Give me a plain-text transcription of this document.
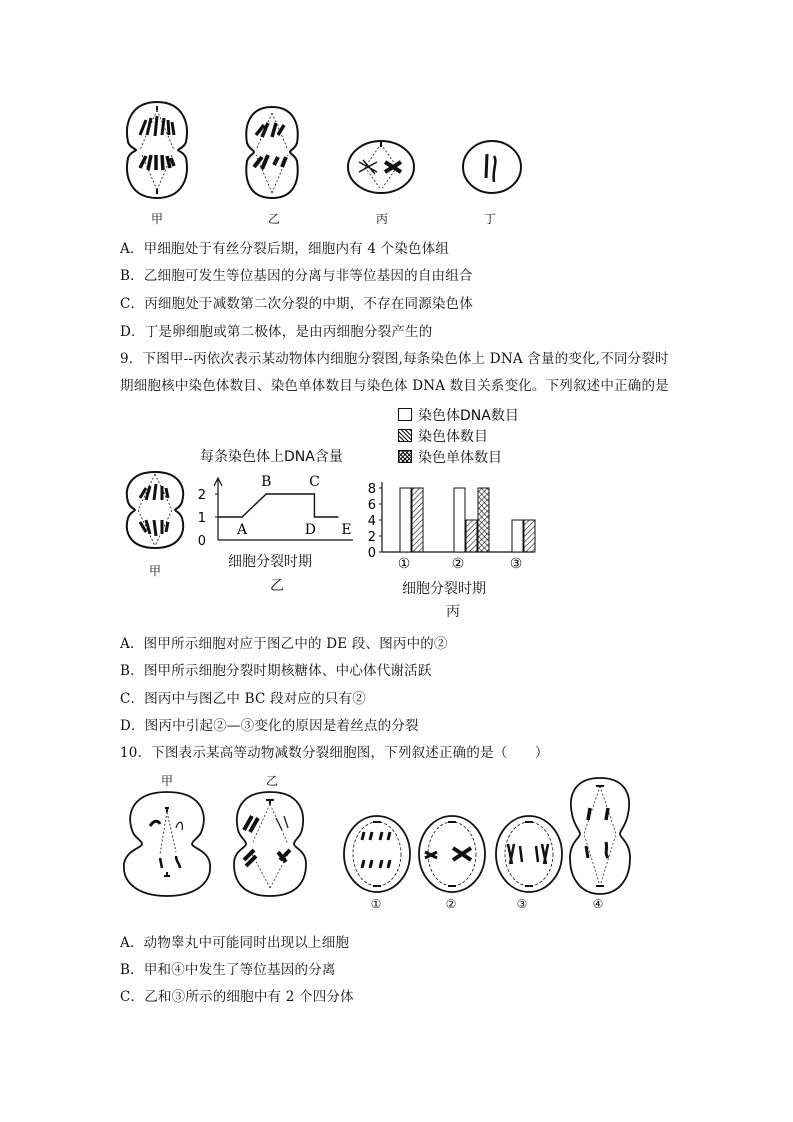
甲	乙	丙	丁
A．甲细胞处于有丝分裂后期，细胞内有 4 个染色体组
B．乙细胞可发生等位基因的分离与非等位基因的自由组合
C．丙细胞处于减数第二次分裂的中期，不存在同源染色体
D．丁是卵细胞或第二极体，是由丙细胞分裂产生的
9．下图甲--丙依次表示某动物体内细胞分裂图,每条染色体上 DNA 含量的变化,不同分裂时
期细胞核中染色体数目、染色单体数目与染色体 DNA 数目关系变化。下列叙述中正确的是
甲
每条染色体上DNA含量
0
1
2
A
B	C
D E
细胞分裂时期
乙
染色体DNA数目
染色体数目
染色单体数目
0
2
4
6
8
①	②	③
细胞分裂时期
丙
A．图甲所示细胞对应于图乙中的 DE 段、图丙中的②
B．图甲所示细胞分裂时期核糖体、中心体代谢活跃
C．图丙中与图乙中 BC 段对应的只有②
D．图丙中引起②—③变化的原因是着丝点的分裂
10．下图表示某高等动物减数分裂细胞图，下列叙述正确的是（　　）
甲	乙
①	②	③	④
A．动物睾丸中可能同时出现以上细胞
B．甲和④中发生了等位基因的分离
C．乙和③所示的细胞中有 2 个四分体
